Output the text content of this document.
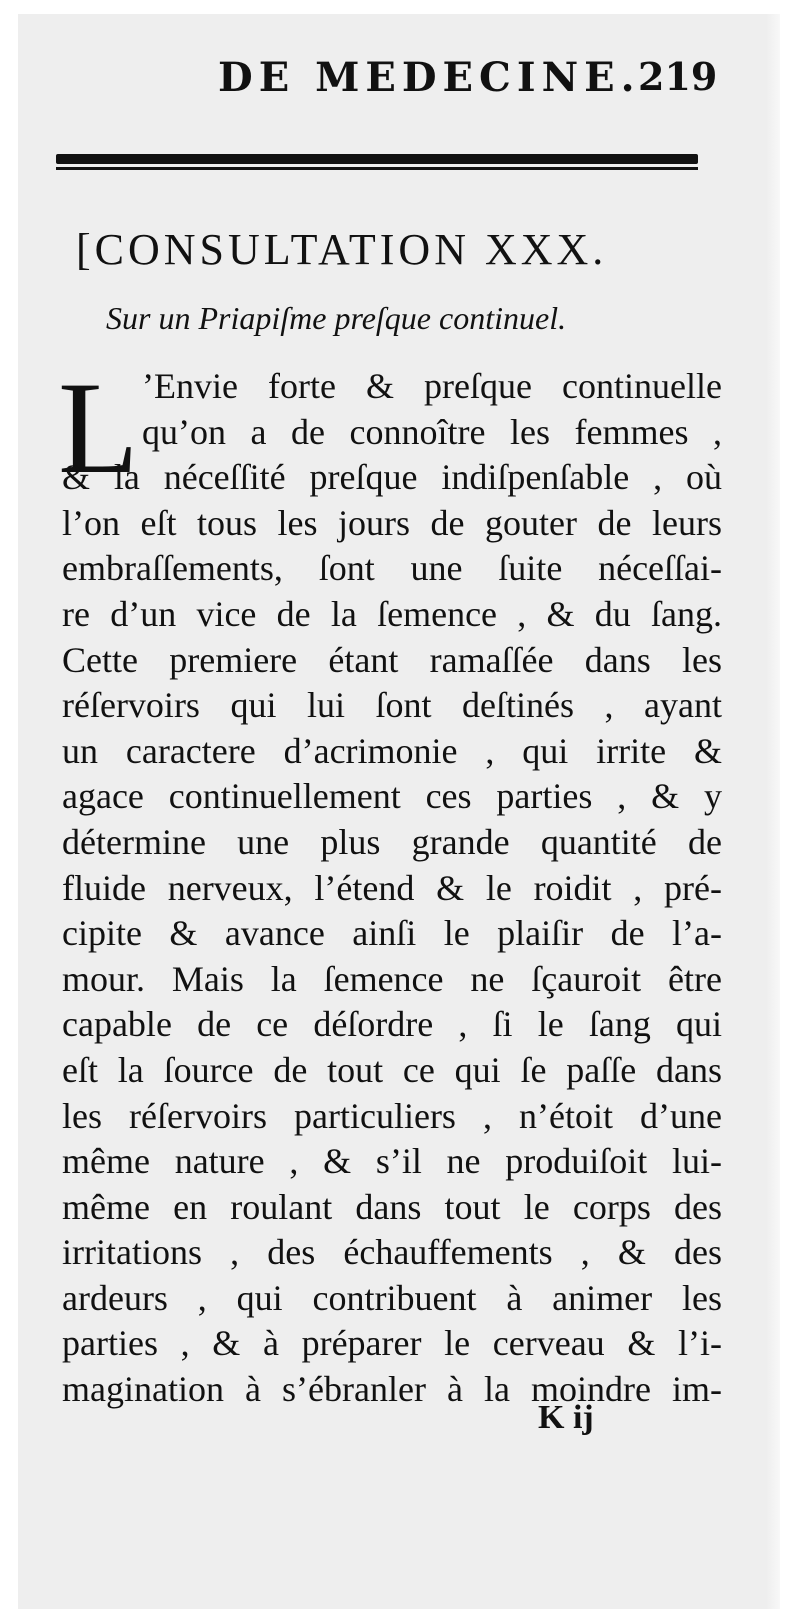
DE MEDECINE.
219
[CONSULTATION XXX.
Sur un Priapiſme preſque continuel.
L ’Envie forte & preſque continuelle
qu’on a de connoître les femmes ,
& la néceſſité preſque indiſpenſable , où
l’on eſt tous les jours de gouter de leurs
embraſſements, ſont une ſuite néceſſai-
re d’un vice de la ſemence , & du ſang.
Cette premiere étant ramaſſée dans les
réſervoirs qui lui ſont deſtinés , ayant
un caractere d’acrimonie , qui irrite &
agace continuellement ces parties , & y
détermine une plus grande quantité de
fluide nerveux, l’étend & le roidit , pré-
cipite & avance ainſi le plaiſir de l’a-
mour. Mais la ſemence ne ſçauroit être
capable de ce déſordre , ſi le ſang qui
eſt la ſource de tout ce qui ſe paſſe dans
les réſervoirs particuliers , n’étoit d’une
même nature , & s’il ne produiſoit lui-
même en roulant dans tout le corps des
irritations , des échauffements , & des
ardeurs , qui contribuent à animer les
parties , & à préparer le cerveau & l’i-
magination à s’ébranler à la moindre im-
K ij
